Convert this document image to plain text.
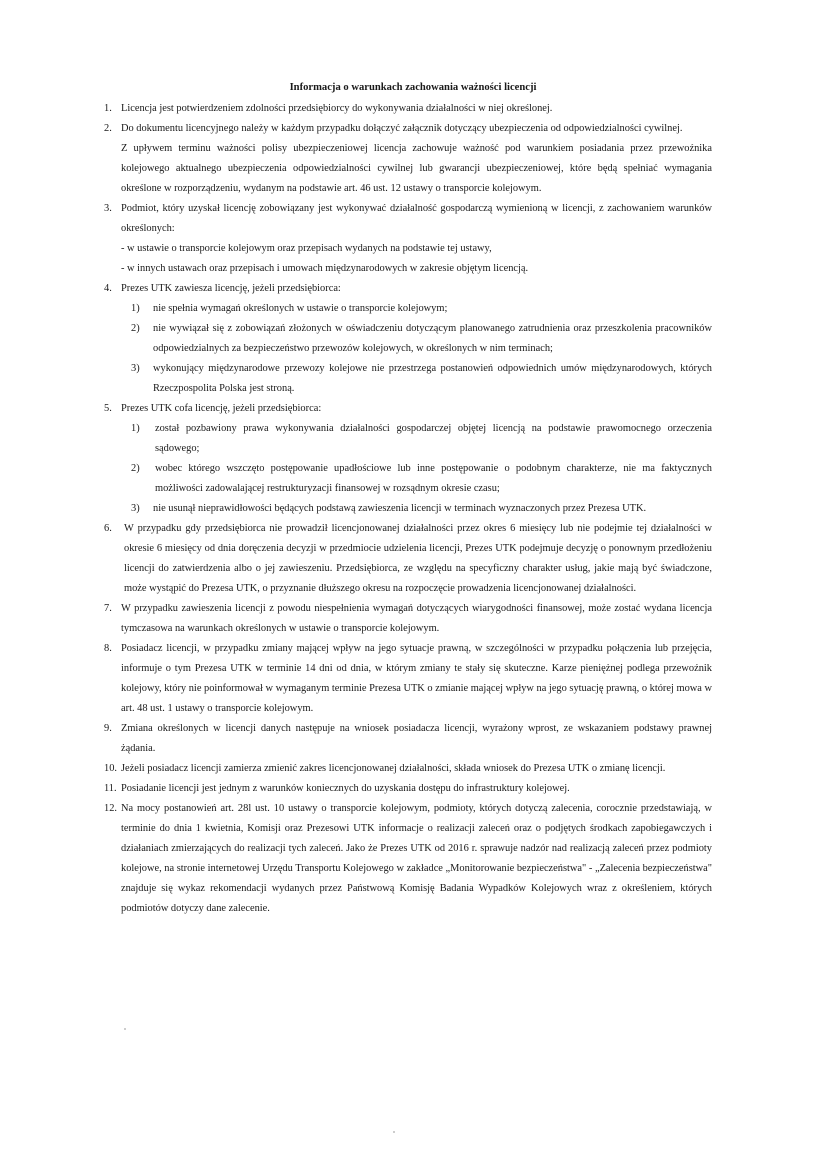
Informacja o warunkach zachowania ważności licencji
1. Licencja jest potwierdzeniem zdolności przedsiębiorcy do wykonywania działalności w niej określonej.

2. Do dokumentu licencyjnego należy w każdym przypadku dołączyć załącznik dotyczący ubezpieczenia od odpowiedzialności cywilnej.

Z upływem terminu ważności polisy ubezpieczeniowej licencja zachowuje ważność pod warunkiem posiadania przez przewoźnika kolejowego aktualnego ubezpieczenia odpowiedzialności cywilnej lub gwarancji ubezpieczeniowej, które będą spełniać wymagania określone w rozporządzeniu, wydanym na podstawie art. 46 ust. 12 ustawy o transporcie kolejowym.

3. Podmiot, który uzyskał licencję zobowiązany jest wykonywać działalność gospodarczą wymienioną w licencji, z zachowaniem warunków określonych:

- w ustawie o transporcie kolejowym oraz przepisach wydanych na podstawie tej ustawy,

- w innych ustawach oraz przepisach i umowach międzynarodowych w zakresie objętym licencją.

4. Prezes UTK zawiesza licencję, jeżeli przedsiębiorca:

1) nie spełnia wymagań określonych w ustawie o transporcie kolejowym;

2) nie wywiązał się z zobowiązań złożonych w oświadczeniu dotyczącym planowanego zatrudnienia oraz przeszkolenia pracowników odpowiedzialnych za bezpieczeństwo przewozów kolejowych, w określonych w nim terminach;

3) wykonujący międzynarodowe przewozy kolejowe nie przestrzega postanowień odpowiednich umów międzynarodowych, których Rzeczpospolita Polska jest stroną.

5. Prezes UTK cofa licencję, jeżeli przedsiębiorca:

1) został pozbawiony prawa wykonywania działalności gospodarczej objętej licencją na podstawie prawomocnego orzeczenia sądowego;

2) wobec którego wszczęto postępowanie upadłościowe lub inne postępowanie o podobnym charakterze, nie ma faktycznych możliwości zadowalającej restrukturyzacji finansowej w rozsądnym okresie czasu;

3) nie usunął nieprawidłowości będących podstawą zawieszenia licencji w terminach wyznaczonych przez Prezesa UTK.

6. W przypadku gdy przedsiębiorca nie prowadził licencjonowanej działalności przez okres 6 miesięcy lub nie podejmie tej działalności w okresie 6 miesięcy od dnia doręczenia decyzji w przedmiocie udzielenia licencji, Prezes UTK podejmuje decyzję o ponownym przedłożeniu licencji do zatwierdzenia albo o jej zawieszeniu. Przedsiębiorca, ze względu na specyficzny charakter usług, jakie mają być świadczone, może wystąpić do Prezesa UTK, o przyznanie dłuższego okresu na rozpoczęcie prowadzenia licencjonowanej działalności.

7. W przypadku zawieszenia licencji z powodu niespełnienia wymagań dotyczących wiarygodności finansowej, może zostać wydana licencja tymczasowa na warunkach określonych w ustawie o transporcie kolejowym.

8. Posiadacz licencji, w przypadku zmiany mającej wpływ na jego sytuacje prawną, w szczególności w przypadku połączenia lub przejęcia, informuje o tym Prezesa UTK w terminie 14 dni od dnia, w którym zmiany te stały się skuteczne. Karze pieniężnej podlega przewoźnik kolejowy, który nie poinformował w wymaganym terminie Prezesa UTK o zmianie mającej wpływ na jego sytuację prawną, o której mowa w art. 48 ust. 1 ustawy o transporcie kolejowym.

9. Zmiana określonych w licencji danych następuje na wniosek posiadacza licencji, wyrażony wprost, ze wskazaniem podstawy prawnej żądania.

10. Jeżeli posiadacz licencji zamierza zmienić zakres licencjonowanej działalności, składa wniosek do Prezesa UTK o zmianę licencji.

11. Posiadanie licencji jest jednym z warunków koniecznych do uzyskania dostępu do infrastruktury kolejowej.

12. Na mocy postanowień art. 28l ust. 10 ustawy o transporcie kolejowym, podmioty, których dotyczą zalecenia, corocznie przedstawiają, w terminie do dnia 1 kwietnia, Komisji oraz Prezesowi UTK informacje o realizacji zaleceń oraz o podjętych środkach zapobiegawczych i działaniach zmierzających do realizacji tych zaleceń. Jako że Prezes UTK od 2016 r. sprawuje nadzór nad realizacją zaleceń przez podmioty kolejowe, na stronie internetowej Urzędu Transportu Kolejowego w zakładce „Monitorowanie bezpieczeństwa" - „Zalecenia bezpieczeństwa" znajduje się wykaz rekomendacji wydanych przez Państwową Komisję Badania Wypadków Kolejowych wraz z określeniem, których podmiotów dotyczy dane zalecenie.
